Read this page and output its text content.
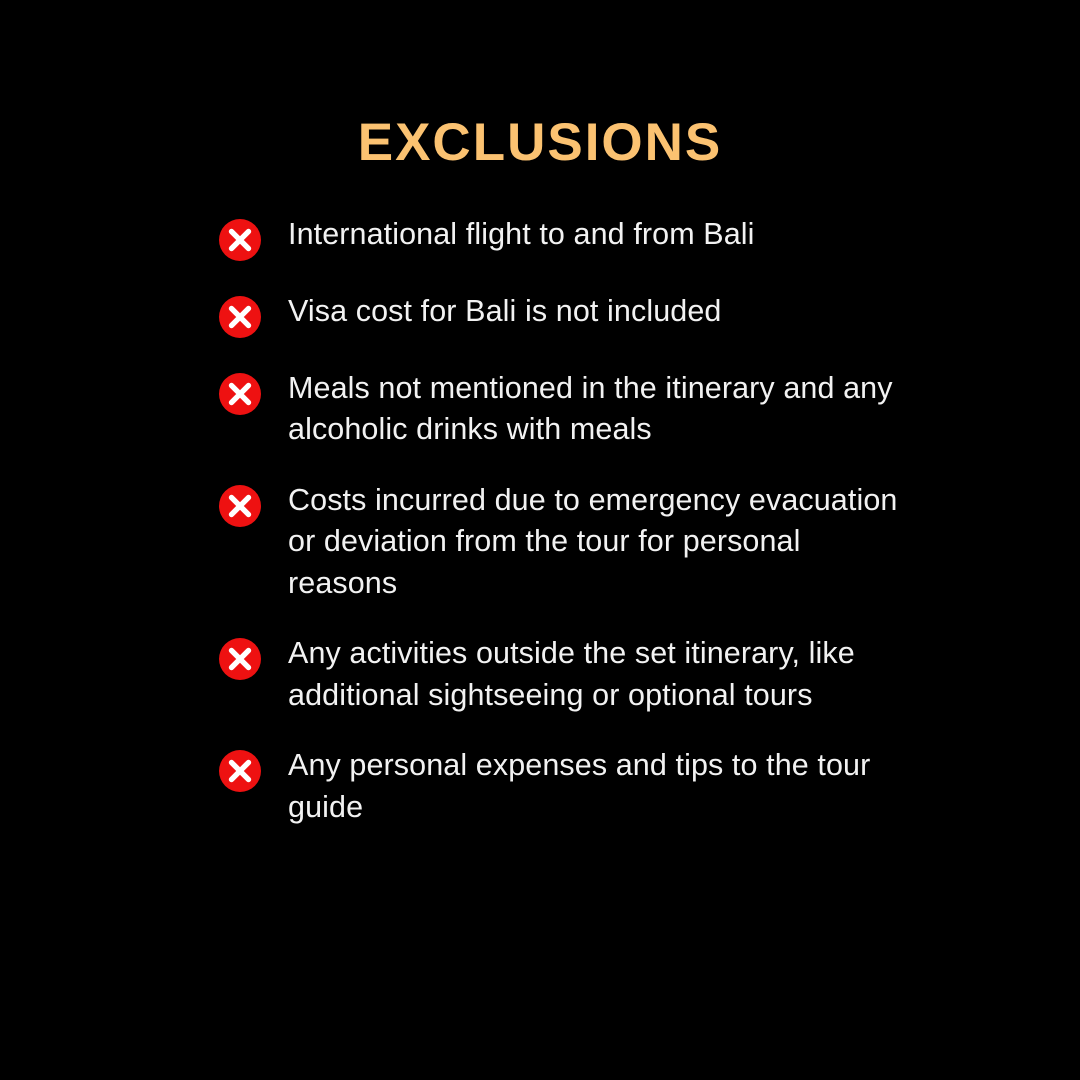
EXCLUSIONS
International flight to and from Bali
Visa cost for Bali is not included
Meals not mentioned in the itinerary and any alcoholic drinks with meals
Costs incurred due to emergency evacuation or deviation from the tour for personal reasons
Any activities outside the set itinerary, like additional sightseeing or optional tours
Any personal expenses and tips to the tour guide
